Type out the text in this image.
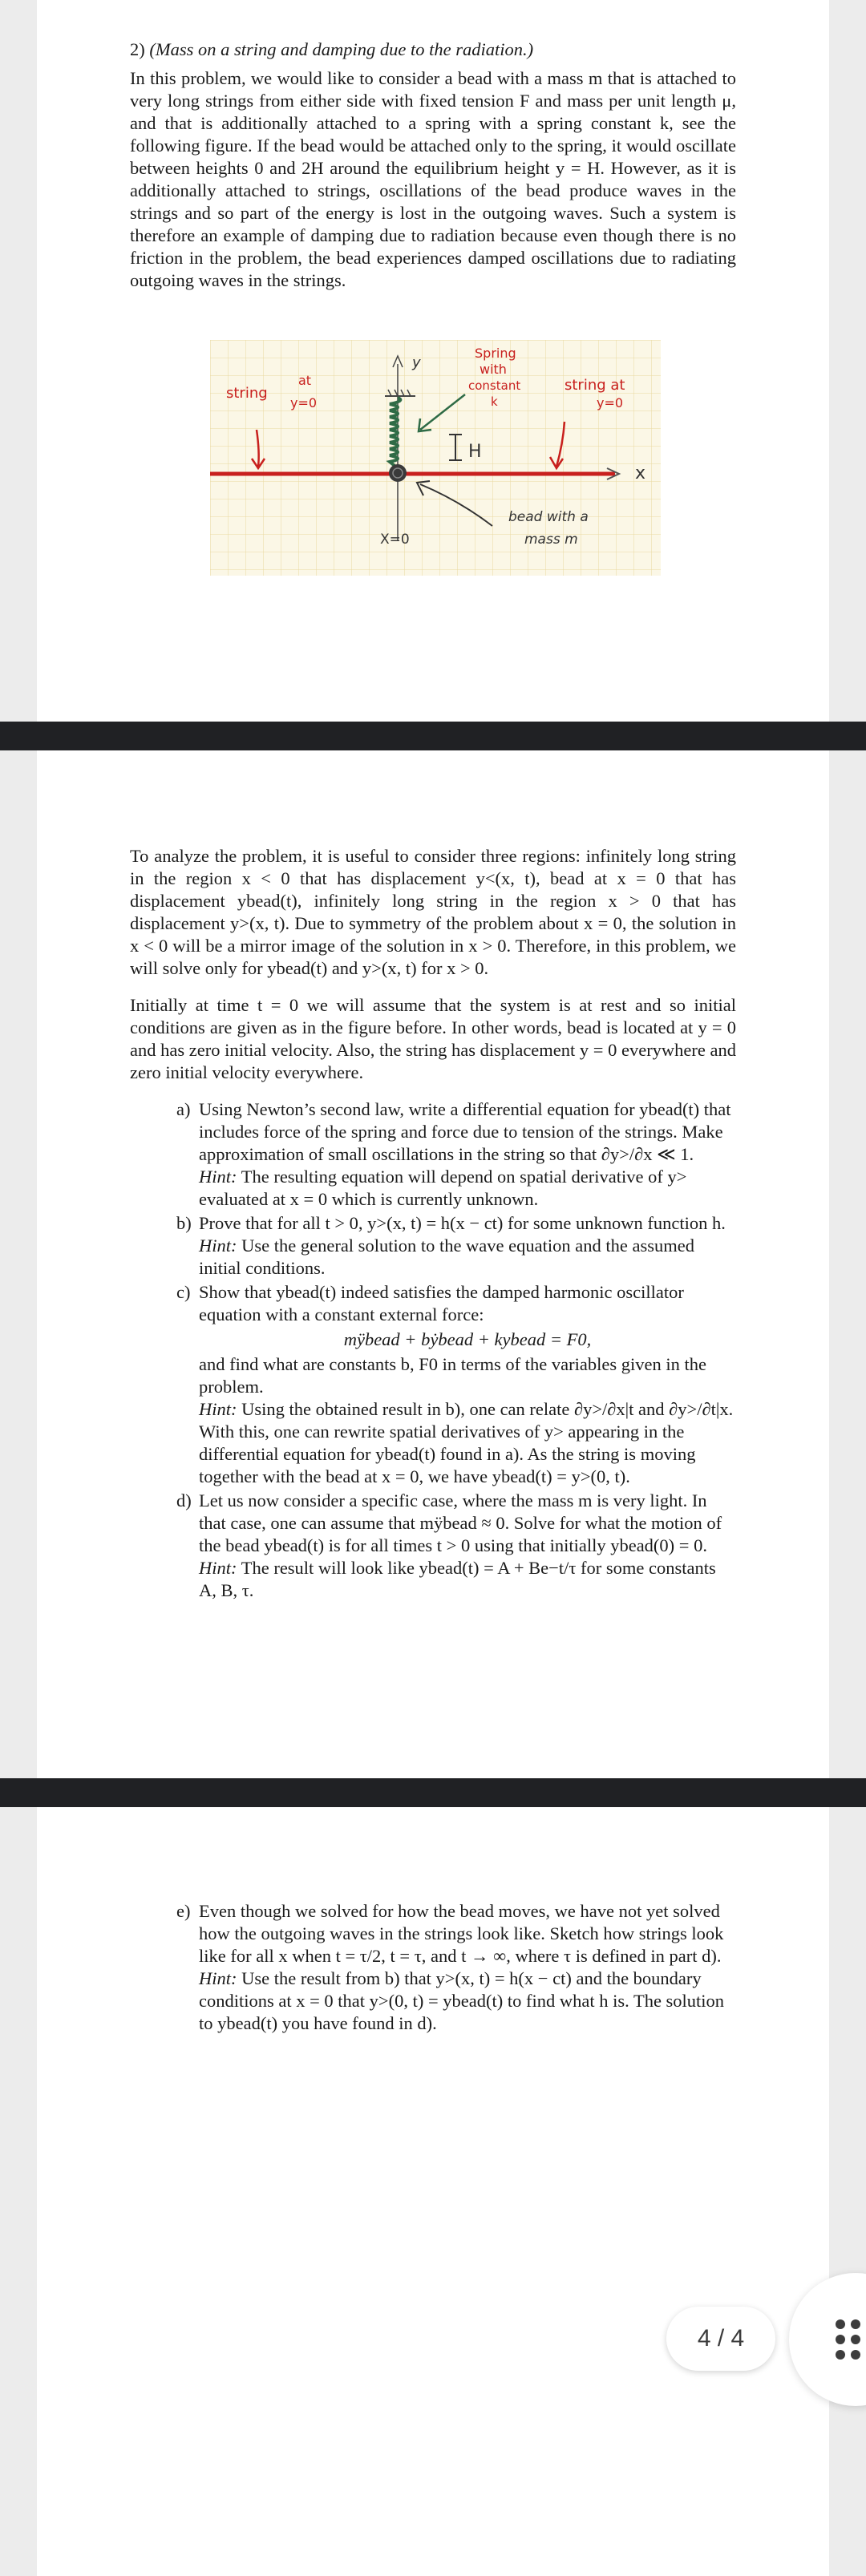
2) (Mass on a string and damping due to the radiation.)

In this problem, we would like to consider a bead with a mass m that is attached to very long strings from either side with fixed tension F and mass per unit length μ, and that is additionally attached to a spring with a spring constant k, see the following figure. If the bead would be attached only to the spring, it would oscillate between heights 0 and 2H around the equilibrium height y = H. However, as it is additionally attached to strings, oscillations of the bead produce waves in the strings and so part of the energy is lost in the outgoing waves. Such a system is therefore an example of damping due to radiation because even though there is no friction in the problem, the bead experiences damped oscillations due to radiating outgoing waves in the strings.

x
y
string
at
y=0
Spring
with
constant
k
string at
y=0
H
bead with a
mass m
X=0

To analyze the problem, it is useful to consider three regions: infinitely long string in the region x < 0 that has displacement y<(x, t), bead at x = 0 that has displacement ybead(t), infinitely long string in the region x > 0 that has displacement y>(x, t). Due to symmetry of the problem about x = 0, the solution in x < 0 will be a mirror image of the solution in x > 0. Therefore, in this problem, we will solve only for ybead(t) and y>(x, t) for x > 0.

Initially at time t = 0 we will assume that the system is at rest and so initial conditions are given as in the figure before. In other words, bead is located at y = 0 and has zero initial velocity. Also, the string has displacement y = 0 everywhere and zero initial velocity everywhere.

a) Using Newton’s second law, write a differential equation for ybead(t) that includes force of the spring and force due to tension of the strings. Make approximation of small oscillations in the string so that ∂y>/∂x ≪ 1.
Hint: The resulting equation will depend on spatial derivative of y> evaluated at x = 0 which is currently unknown.
b) Prove that for all t > 0, y>(x, t) = h(x − ct) for some unknown function h.
Hint: Use the general solution to the wave equation and the assumed initial conditions.
c) Show that ybead(t) indeed satisfies the damped harmonic oscillator equation with a constant external force:
mÿbead + bẏbead + kybead = F0,
and find what are constants b, F0 in terms of the variables given in the problem.
Hint: Using the obtained result in b), one can relate ∂y>/∂x|t and ∂y>/∂t|x. With this, one can rewrite spatial derivatives of y> appearing in the differential equation for ybead(t) found in a). As the string is moving together with the bead at x = 0, we have ybead(t) = y>(0, t).
d) Let us now consider a specific case, where the mass m is very light. In that case, one can assume that mÿbead ≈ 0. Solve for what the motion of the bead ybead(t) is for all times t > 0 using that initially ybead(0) = 0.
Hint: The result will look like ybead(t) = A + Be−t/τ for some constants A, B, τ.
e) Even though we solved for how the bead moves, we have not yet solved how the outgoing waves in the strings look like. Sketch how strings look like for all x when t = τ/2, t = τ, and t → ∞, where τ is defined in part d).
Hint: Use the result from b) that y>(x, t) = h(x − ct) and the boundary conditions at x = 0 that y>(0, t) = ybead(t) to find what h is. The solution to ybead(t) you have found in d).
4 / 4
